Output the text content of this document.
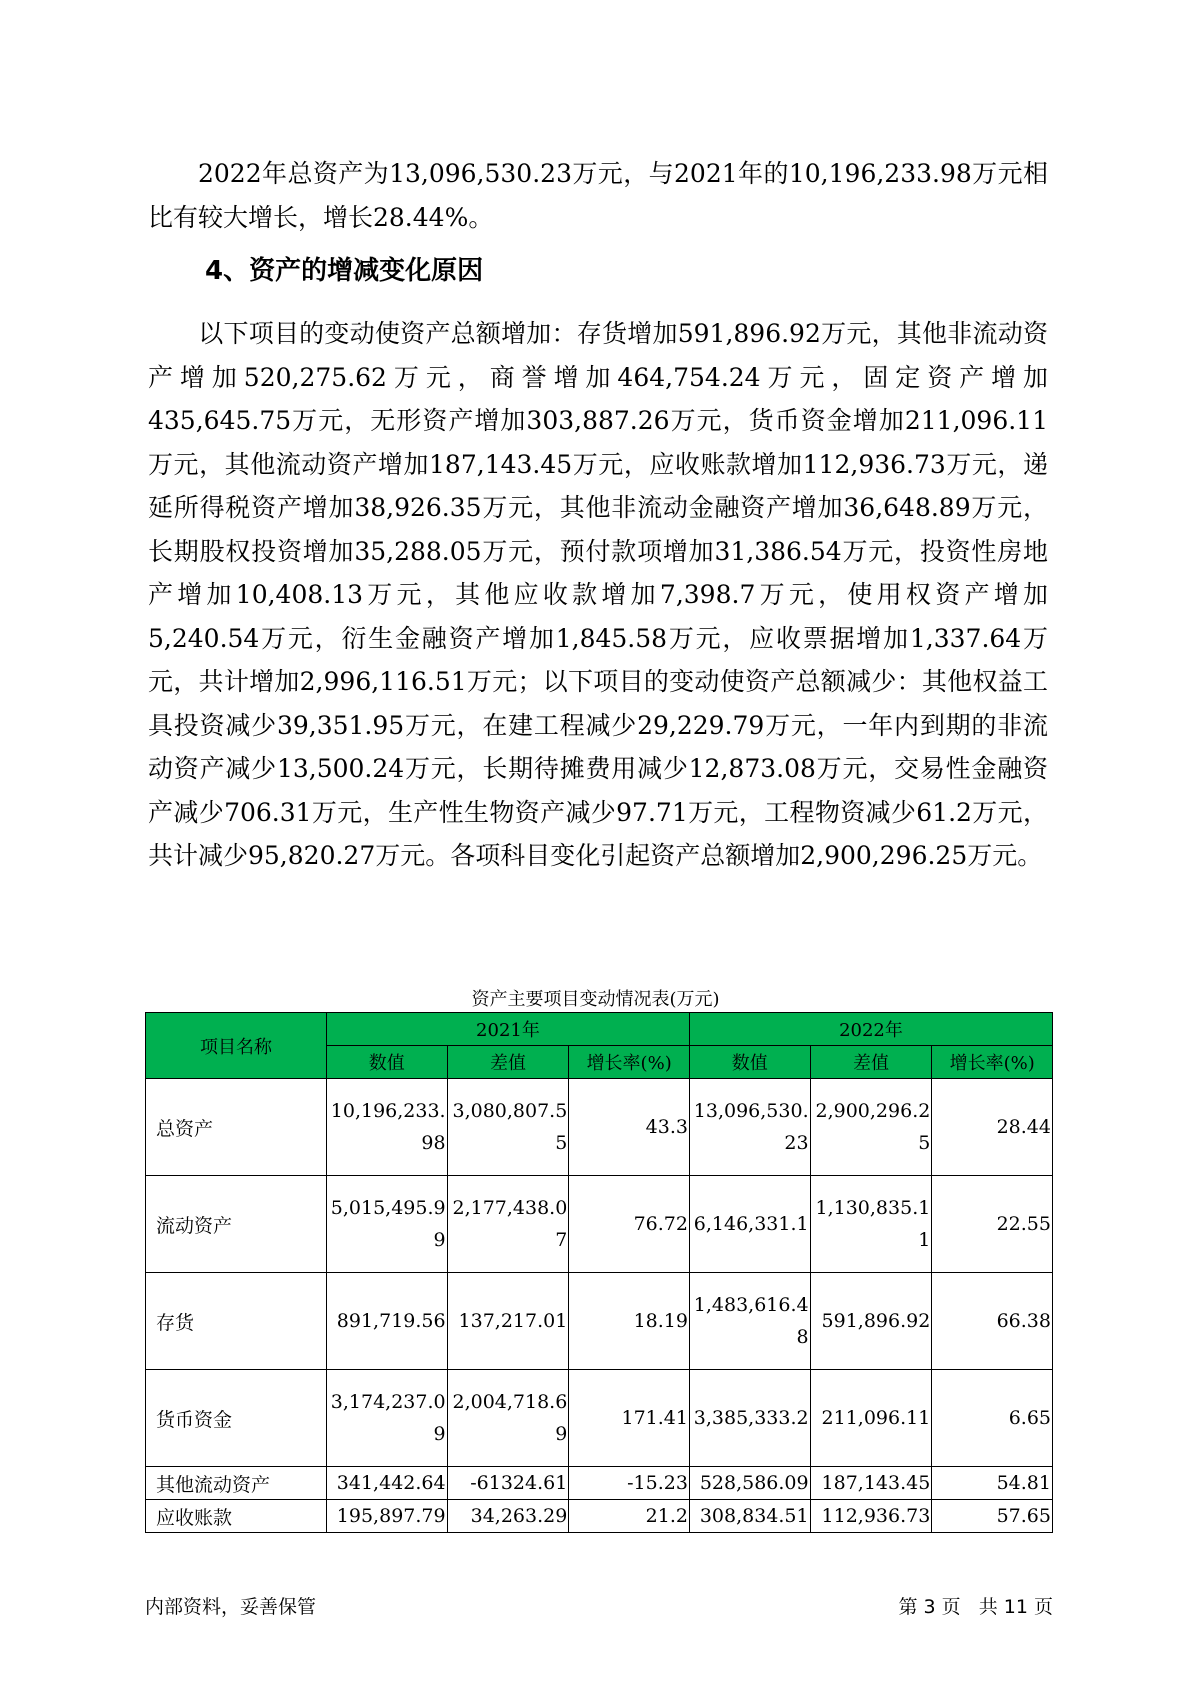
2022年总资产为13,096,530.23万元，与2021年的10,196,233.98万元相比有较大增长，增长28.44%。
4、资产的增减变化原因
以下项目的变动使资产总额增加：存货增加591,896.92万元，其他非流动资产增加520,275.62万元，商誉增加464,754.24万元，固定资产增加435,645.75万元，无形资产增加303,887.26万元，货币资金增加211,096.11万元，其他流动资产增加187,143.45万元，应收账款增加112,936.73万元，递延所得税资产增加38,926.35万元，其他非流动金融资产增加36,648.89万元，长期股权投资增加35,288.05万元，预付款项增加31,386.54万元，投资性房地产增加10,408.13万元，其他应收款增加7,398.7万元，使用权资产增加5,240.54万元，衍生金融资产增加1,845.58万元，应收票据增加1,337.64万元，共计增加2,996,116.51万元；以下项目的变动使资产总额减少：其他权益工具投资减少39,351.95万元，在建工程减少29,229.79万元，一年内到期的非流动资产减少13,500.24万元，长期待摊费用减少12,873.08万元，交易性金融资产减少706.31万元，生产性生物资产减少97.71万元，工程物资减少61.2万元，共计减少95,820.27万元。各项科目变化引起资产总额增加2,900,296.25万元。
资产主要项目变动情况表(万元)
项目名称	2021年			2022年		
	数值	差值	增长率(%)	数值	差值	增长率(%)
总资产	10,196,233.98	3,080,807.55	43.3	13,096,530.23	2,900,296.25	28.44
流动资产	5,015,495.99	2,177,438.07	76.72	6,146,331.1	1,130,835.11	22.55
存货	891,719.56	137,217.01	18.19	1,483,616.48	591,896.92	66.38
货币资金	3,174,237.09	2,004,718.69	171.41	3,385,333.2	211,096.11	6.65
其他流动资产	341,442.64	-61324.61	-15.23	528,586.09	187,143.45	54.81
应收账款	195,897.79	34,263.29	21.2	308,834.51	112,936.73	57.65
内部资料，妥善保管	第 3 页   共 11 页
